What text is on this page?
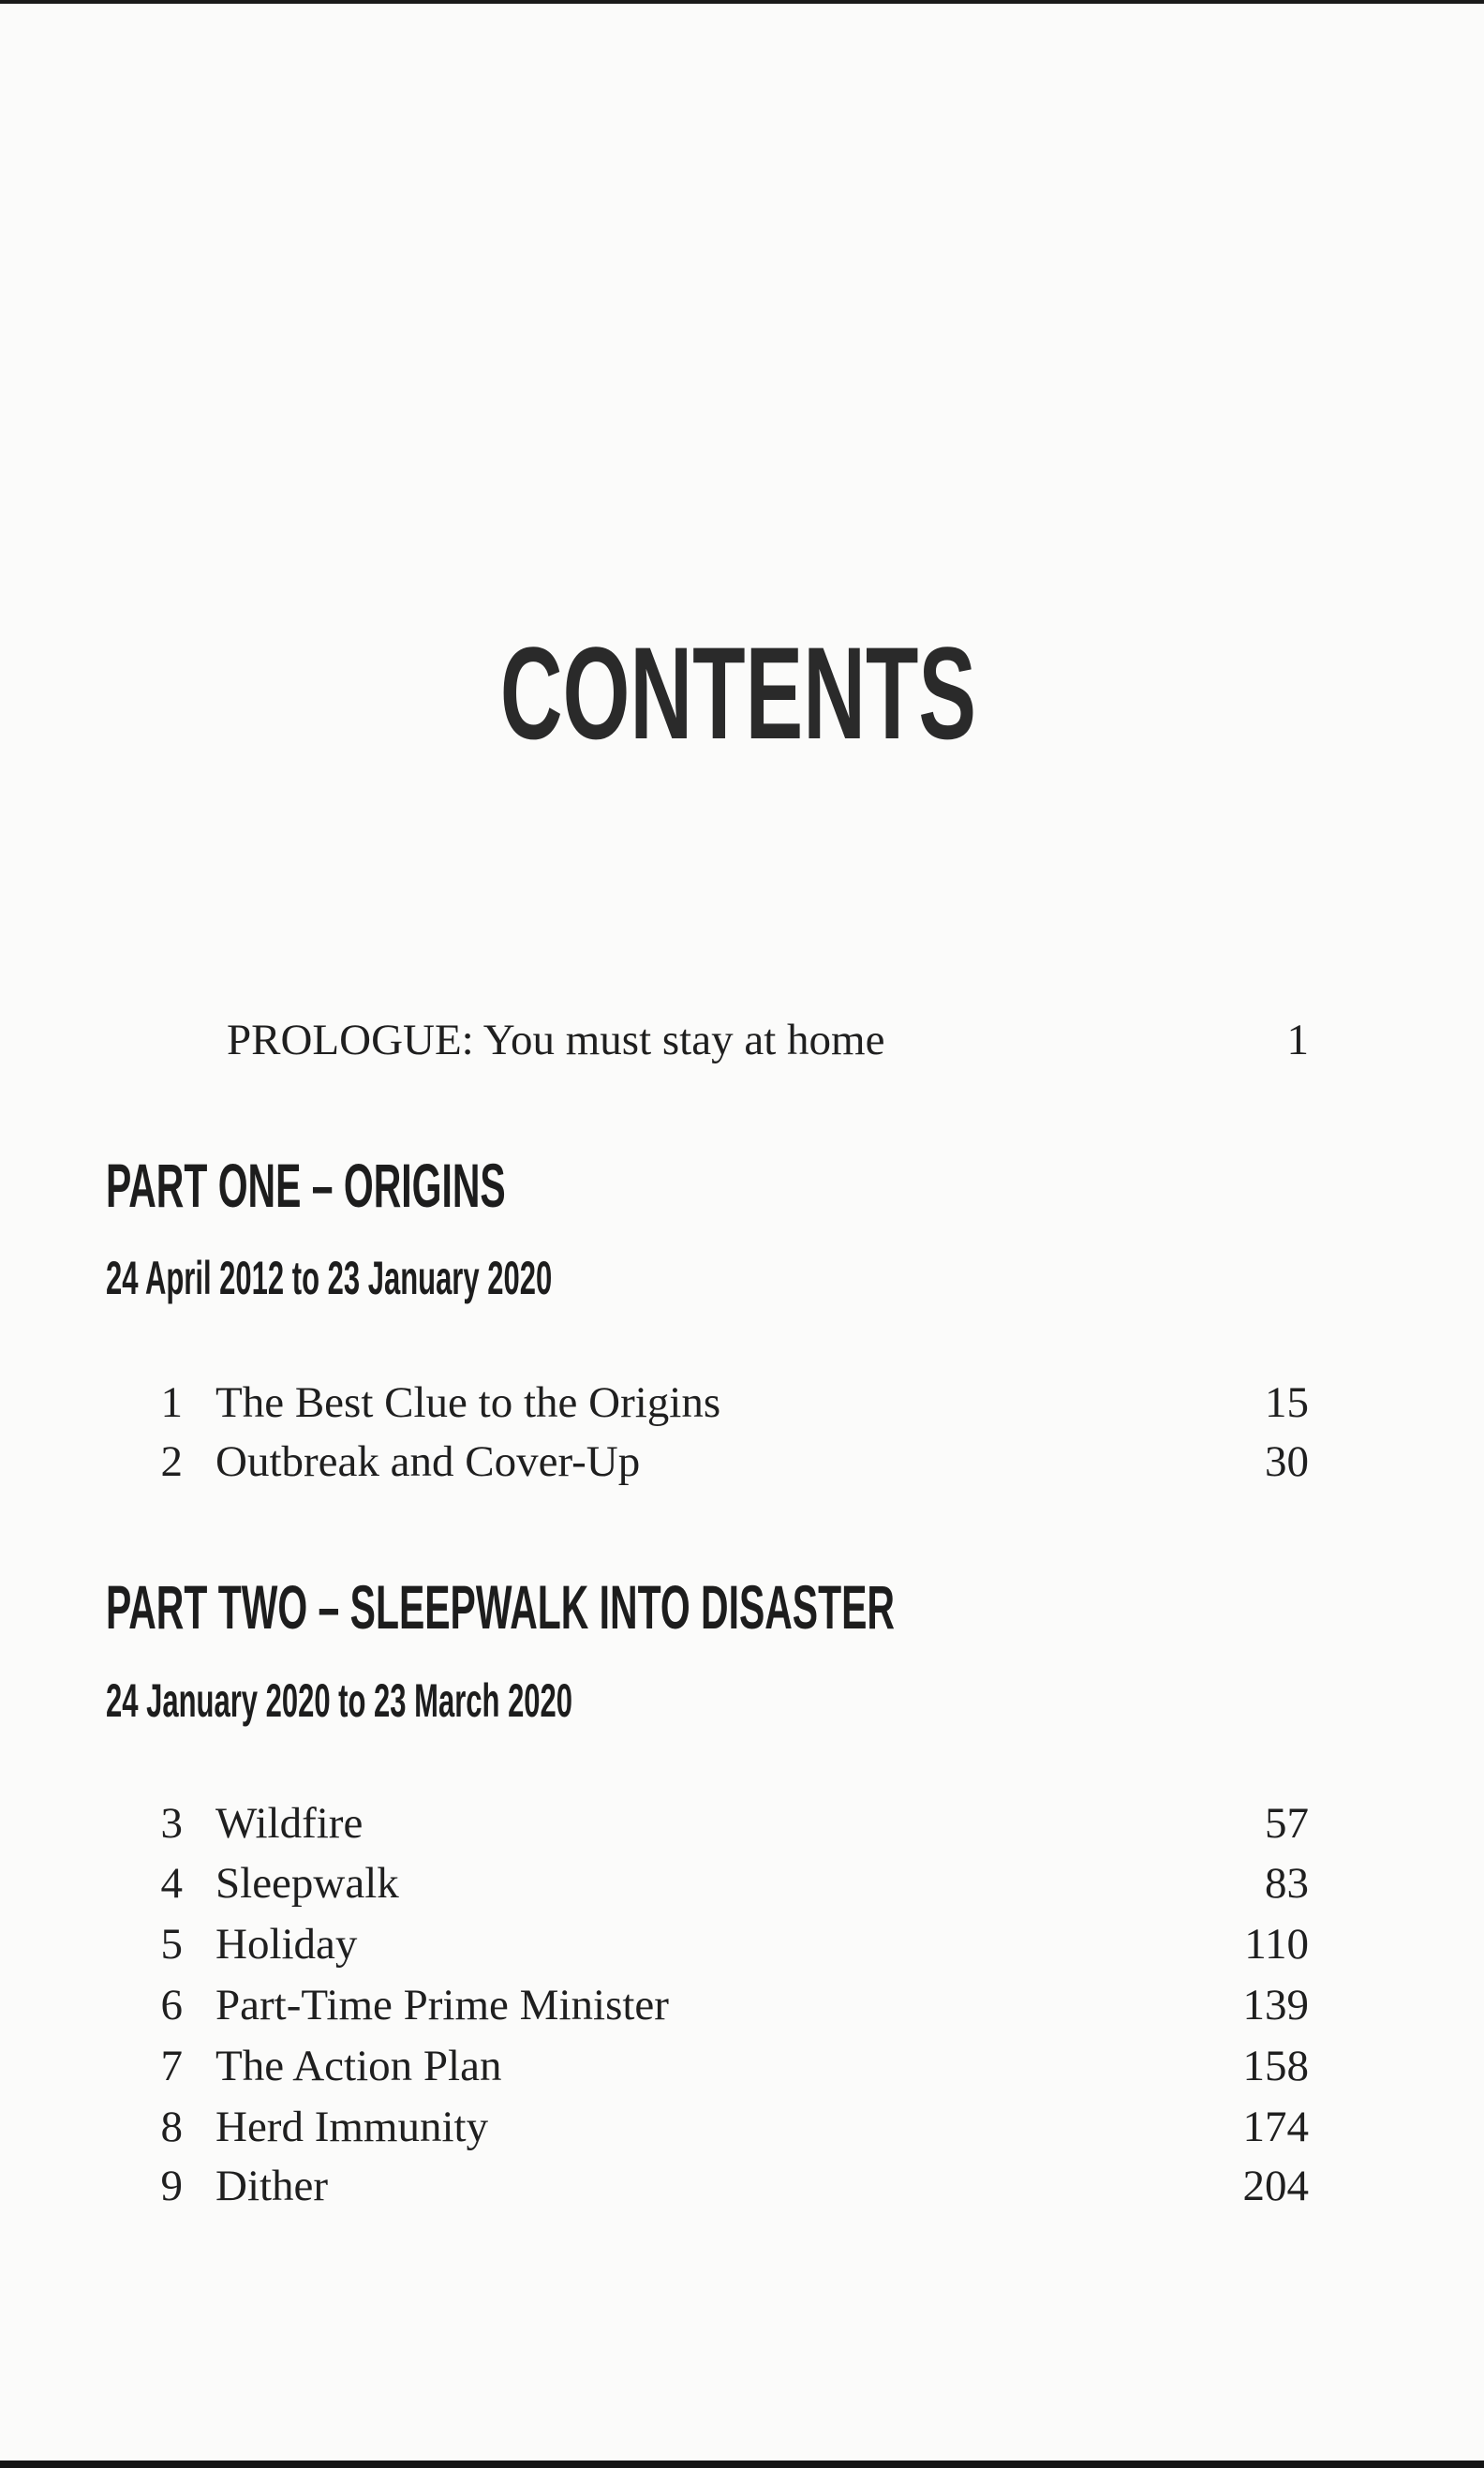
CONTENTS
PROLOGUE: You must stay at home	1
PART ONE – ORIGINS
24 April 2012 to 23 January 2020
1 The Best Clue to the Origins	15
2 Outbreak and Cover-Up	30
PART TWO – SLEEPWALK INTO DISASTER
24 January 2020 to 23 March 2020
3 Wildfire	57
4 Sleepwalk	83
5 Holiday	110
6 Part-Time Prime Minister	139
7 The Action Plan	158
8 Herd Immunity	174
9 Dither	204
